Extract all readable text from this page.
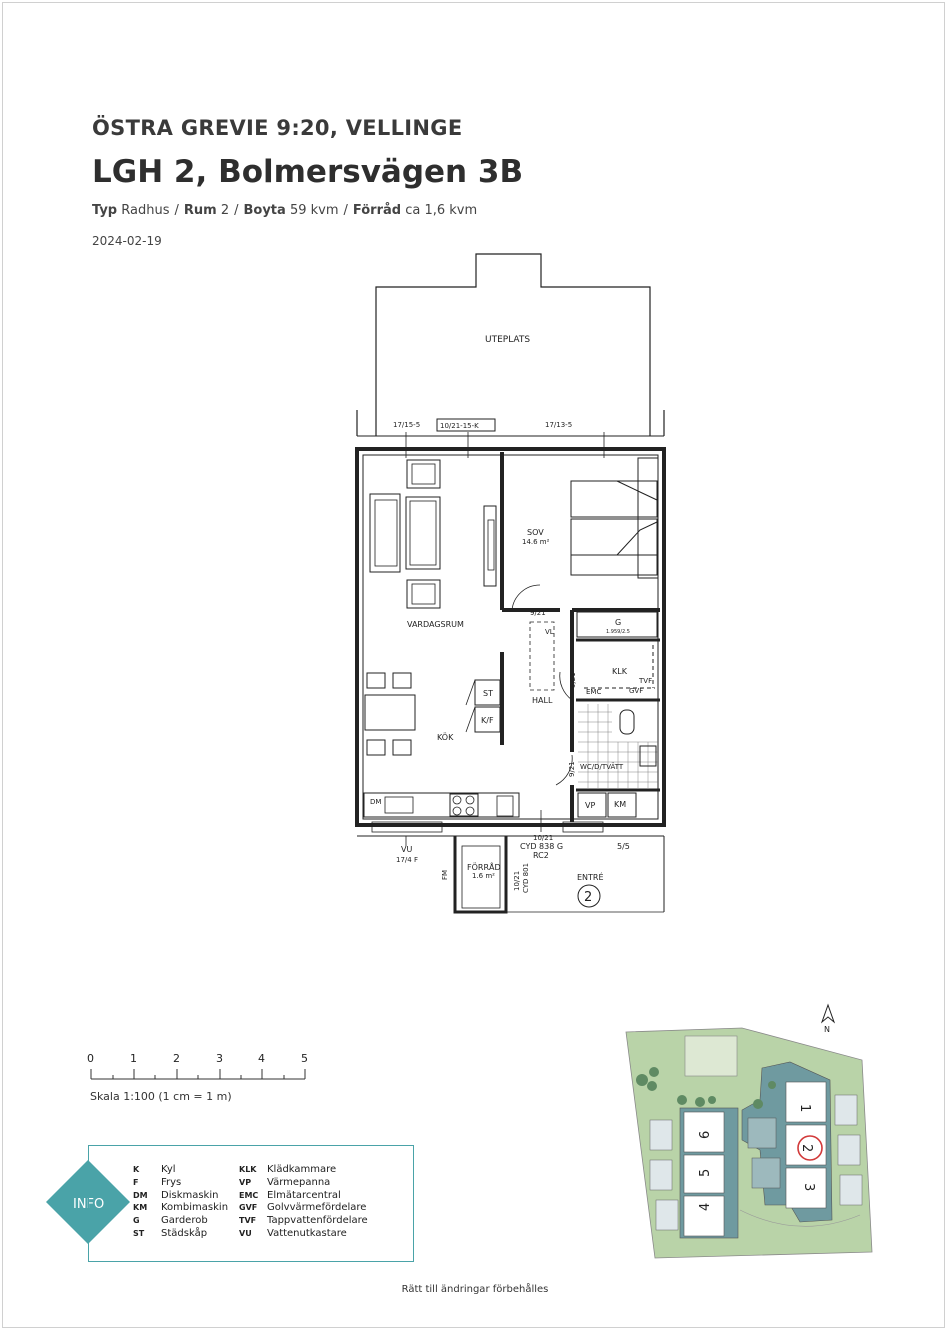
ÖSTRA GREVIE 9:20, VELLINGE
LGH 2, Bolmersvägen 3B
Typ Radhus / Rum 2 / Boyta 59 kvm / Förråd ca 1,6 kvm
2024-02-19
UTEPLATS
17/15-5	10/21-15-K	17/13-5
SOV
14.6 m²
VARDAGSRUM
KÖK
HALL
KLK
G
1.959/2.5
VL
ST
K/F
EMC
TVF
GVF
WC/D/TVÄTT
VP KM
DM
9/21
9/21
9/21
VU
17/4 F
10/21
CYD 838 G
RC2
5/5
FÖRRÅD
1.6 m²	10/21 CYD 801
FM	ENTRÉ
2
0	1	2	3	4	5
INFO
1
2
3
4
5
6
N
Skala 1:100 (1 cm = 1 m)
K Kyl
F Frys
DM Diskmaskin
KM Kombimaskin
G Garderob
ST Städskåp
KLK Klädkammare
VP Värmepanna
EMC Elmätarcentral
GVF Golvvärmefördelare
TVF Tappvattenfördelare
VU Vattenutkastare
Rätt till ändringar förbehålles
